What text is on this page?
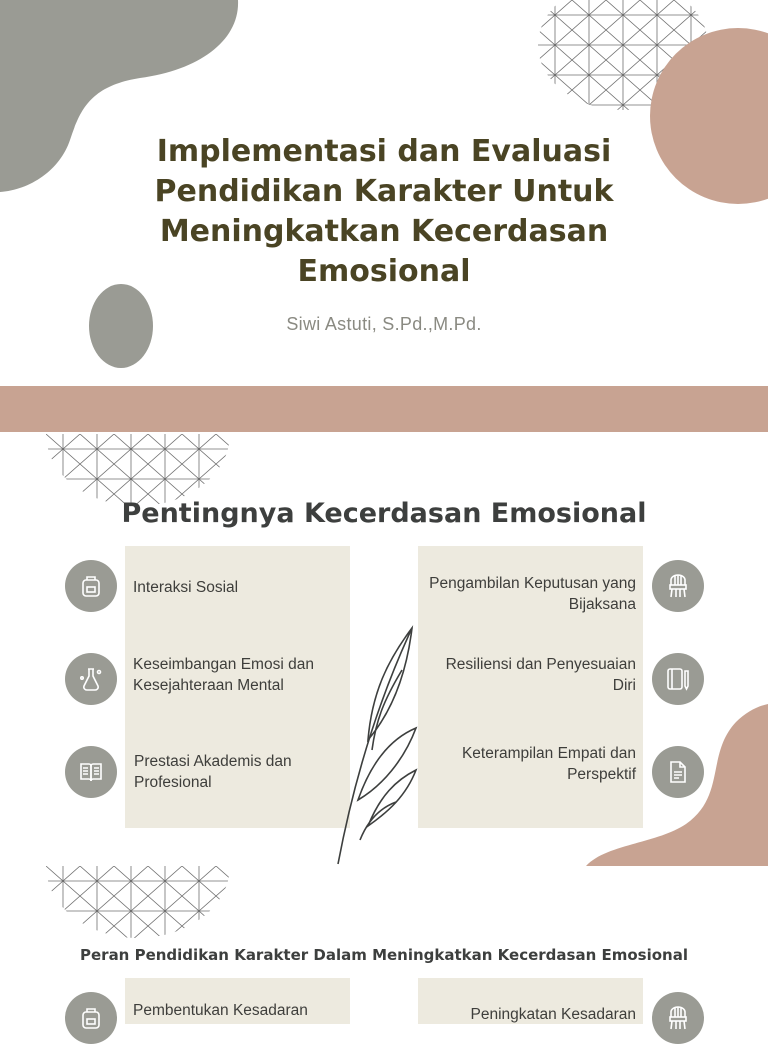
Implementasi dan Evaluasi Pendidikan Karakter Untuk Meningkatkan Kecerdasan Emosional
Siwi Astuti, S.Pd.,M.Pd.
Pentingnya Kecerdasan Emosional
Interaksi Sosial
Keseimbangan Emosi dan Kesejahteraan Mental
Prestasi Akademis dan Profesional
Pengambilan Keputusan yang Bijaksana
Resiliensi dan Penyesuaian Diri
Keterampilan Empati dan Perspektif
Peran Pendidikan Karakter Dalam Meningkatkan Kecerdasan Emosional
Pembentukan Kesadaran	Peningkatan Kesadaran
